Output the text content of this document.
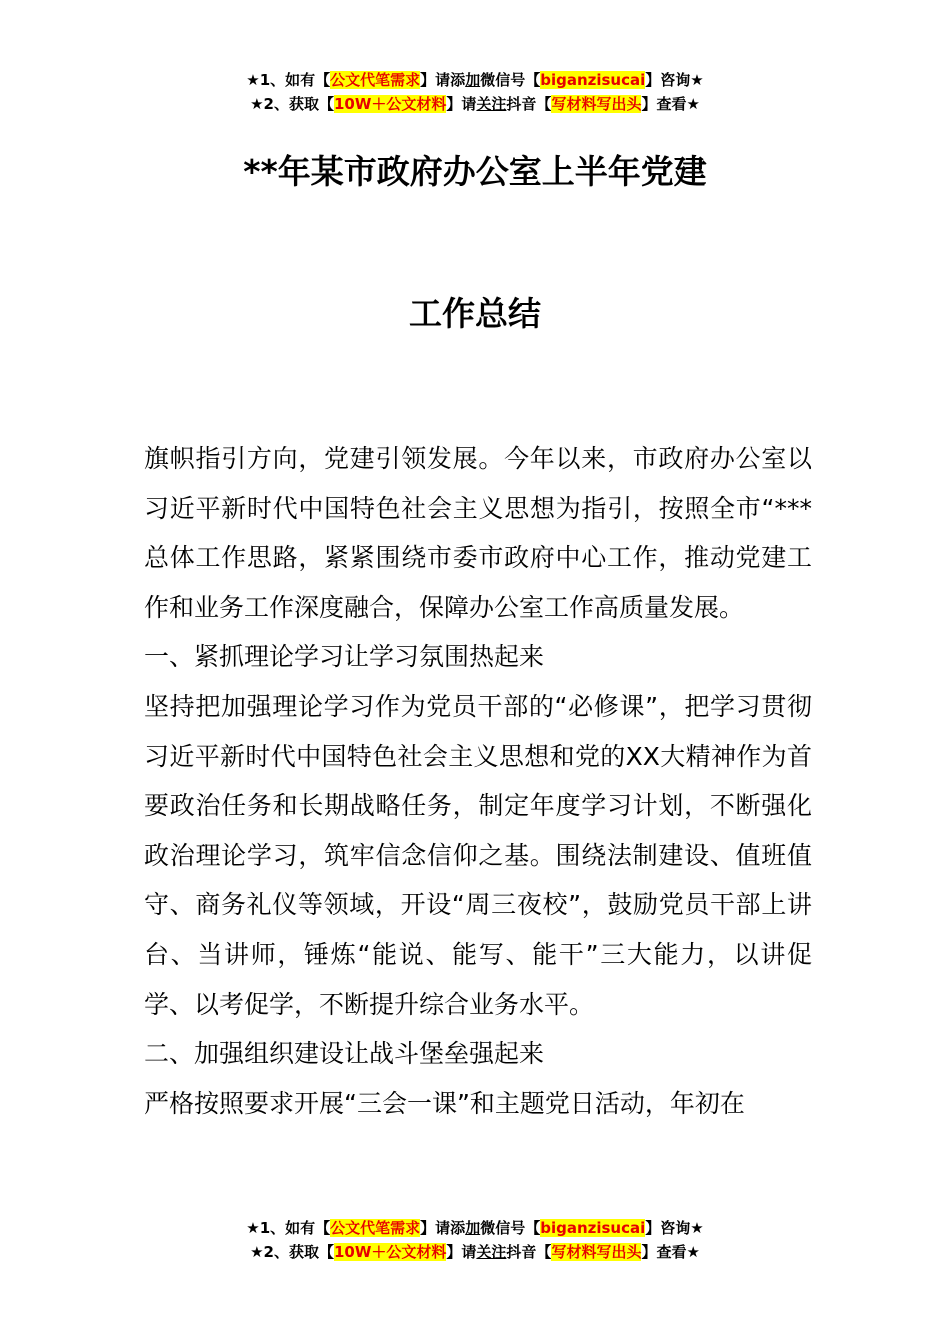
★1、如有【公文代笔需求】请添加微信号【biganzisucai】咨询★
★2、获取【10W＋公文材料】请关注抖音【写材料写出头】查看★
**年某市政府办公室上半年党建
工作总结

旗帜指引方向，党建引领发展。今年以来，市政府办公室以习近平新时代中国特色社会主义思想为指引，按照全市“***总体工作思路，紧紧围绕市委市政府中心工作，推动党建工作和业务工作深度融合，保障办公室工作高质量发展。

一、紧抓理论学习让学习氛围热起来

坚持把加强理论学习作为党员干部的“必修课”，把学习贯彻习近平新时代中国特色社会主义思想和党的XX大精神作为首要政治任务和长期战略任务，制定年度学习计划，不断强化政治理论学习，筑牢信念信仰之基。围绕法制建设、值班值守、商务礼仪等领域，开设“周三夜校”，鼓励党员干部上讲台、当讲师，锤炼“能说、能写、能干”三大能力，以讲促学、以考促学，不断提升综合业务水平。

二、加强组织建设让战斗堡垒强起来

严格按照要求开展“三会一课”和主题党日活动，年初在

★1、如有【公文代笔需求】请添加微信号【biganzisucai】咨询★
★2、获取【10W＋公文材料】请关注抖音【写材料写出头】查看★
